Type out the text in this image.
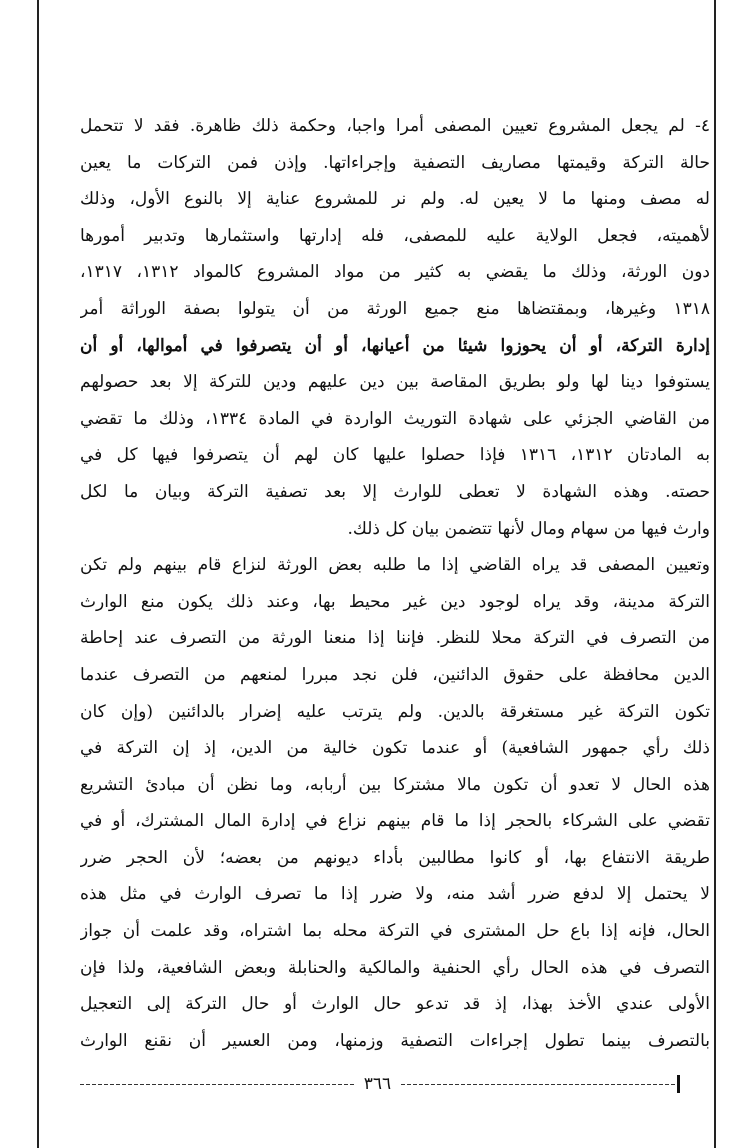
٤- لم يجعل المشروع تعيين المصفى أمرا واجبا، وحكمة ذلك ظاهرة. فقد لا تتحمل
حالة التركة وقيمتها مصاريف التصفية وإجراءاتها. وإذن فمن التركات ما يعين
له مصف ومنها ما لا يعين له. ولم نر للمشروع عناية إلا بالنوع الأول، وذلك
لأهميته، فجعل الولاية عليه للمصفى، فله إدارتها واستثمارها وتدبير أمورها
دون الورثة، وذلك ما يقضي به كثير من مواد المشروع كالمواد ١٣١٢، ١٣١٧،
١٣١٨ وغيرها، وبمقتضاها منع جميع الورثة من أن يتولوا بصفة الوراثة أمر
إدارة التركة، أو أن يحوزوا شيئا من أعيانها، أو أن يتصرفوا في أموالها، أو أن
يستوفوا دينا لها ولو بطريق المقاصة بين دين عليهم ودين للتركة إلا بعد حصولهم
من القاضي الجزئي على شهادة التوريث الواردة في المادة ١٣٣٤، وذلك ما تقضي
به المادتان ١٣١٢، ١٣١٦ فإذا حصلوا عليها كان لهم أن يتصرفوا فيها كل في
حصته. وهذه الشهادة لا تعطى للوارث إلا بعد تصفية التركة وبيان ما لكل
وارث فيها من سهام ومال لأنها تتضمن بيان كل ذلك.
وتعيين المصفى قد يراه القاضي إذا ما طلبه بعض الورثة لنزاع قام بينهم ولم تكن
التركة مدينة، وقد يراه لوجود دين غير محيط بها، وعند ذلك يكون منع الوارث
من التصرف في التركة محلا للنظر. فإننا إذا منعنا الورثة من التصرف عند إحاطة
الدين محافظة على حقوق الدائنين، فلن نجد مبررا لمنعهم من التصرف عندما
تكون التركة غير مستغرقة بالدين. ولم يترتب عليه إضرار بالدائنين (وإن كان
ذلك رأي جمهور الشافعية) أو عندما تكون خالية من الدين، إذ إن التركة في
هذه الحال لا تعدو أن تكون مالا مشتركا بين أربابه، وما نظن أن مبادئ التشريع
تقضي على الشركاء بالحجر إذا ما قام بينهم نزاع في إدارة المال المشترك، أو في
طريقة الانتفاع بها، أو كانوا مطالبين بأداء ديونهم من بعضه؛ لأن الحجر ضرر
لا يحتمل إلا لدفع ضرر أشد منه، ولا ضرر إذا ما تصرف الوارث في مثل هذه
الحال، فإنه إذا باع حل المشترى في التركة محله بما اشتراه، وقد علمت أن جواز
التصرف في هذه الحال رأي الحنفية والمالكية والحنابلة وبعض الشافعية، ولذا فإن
الأولى عندي الأخذ بهذا، إذ قد تدعو حال الوارث أو حال التركة إلى التعجيل
بالتصرف بينما تطول إجراءات التصفية وزمنها، ومن العسير أن نقنع الوارث
٣٦٦
